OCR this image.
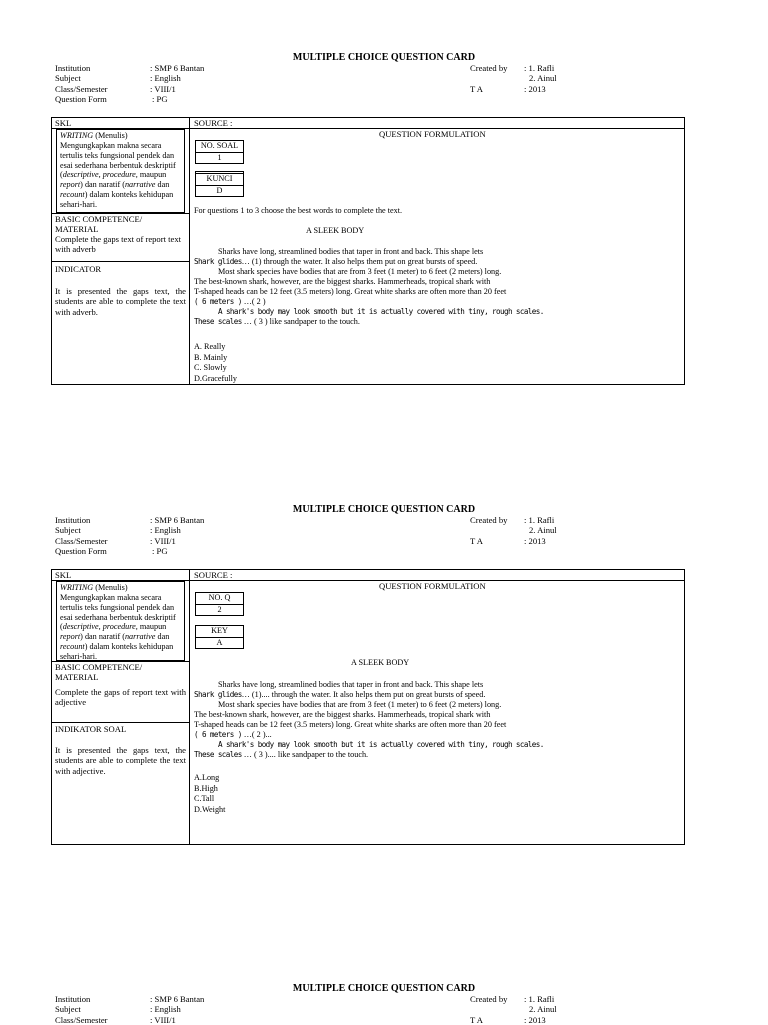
MULTIPLE CHOICE QUESTION CARD
Institution	: SMP 6 Bantan	Created by : 1. Rafli
Subject	: English	2. Ainul
Class/Semester	: VIII/1	T A	: 2013
Question Form	: PG
SKL	SOURCE :
QUESTION FORMULATION
WRITING (Menulis) Mengungkapkan makna secara tertulis teks fungsional pendek dan esai sederhana berbentuk deskriptif (descriptive, procedure, maupun report) dan naratif (narrative dan recount) dalam konteks kehidupan sehari-hari.
BASIC COMPETENCE/ MATERIAL
Complete the gaps text of report text with adverb
INDICATOR
It is presented the gaps text, the students are able to complete the text with adverb.
NO. SOAL
1
KUNCI
D
For questions 1 to 3 choose the best words to complete the text.
A SLEEK BODY
Sharks have long, streamlined bodies that taper in front and back. This shape lets
Shark glides… (1) through the water. It also helps them put on great bursts of speed.
Most shark species have bodies that are from 3 feet (1 meter) to 6 feet (2 meters) long.
The best-known shark, however, are the biggest sharks. Hammerheads, tropical shark with
T-shaped heads can be 12 feet (3.5 meters) long. Great white sharks are often more than 20 feet
( 6 meters ) …( 2 )
A shark's body may look smooth but it is actually covered with tiny, rough scales.
These scales … ( 3 ) like sandpaper to the touch.
A. Really
B. Mainly
C. Slowly
D.Gracefully
MULTIPLE CHOICE QUESTION CARD
Institution	: SMP 6 Bantan	Created by : 1. Rafli
Subject	: English	2. Ainul
Class/Semester	: VIII/1	T A	: 2013
Question Form	: PG
SKL	SOURCE :
QUESTION FORMULATION
WRITING (Menulis) Mengungkapkan makna secara tertulis teks fungsional pendek dan esai sederhana berbentuk deskriptif (descriptive, procedure, maupun report) dan naratif (narrative dan recount) dalam konteks kehidupan sehari-hari.
BASIC COMPETENCE/ MATERIAL
Complete the gaps of report text with adjective
INDIKATOR SOAL
It is presented the gaps text, the students are able to complete the text with adjective.
NO. Q
2
KEY
A
A SLEEK BODY
Sharks have long, streamlined bodies that taper in front and back. This shape lets
Shark glides… (1).... through the water. It also helps them put on great bursts of speed.
Most shark species have bodies that are from 3 feet (1 meter) to 6 feet (2 meters) long.
The best-known shark, however, are the biggest sharks. Hammerheads, tropical shark with
T-shaped heads can be 12 feet (3.5 meters) long. Great white sharks are often more than 20 feet
( 6 meters ) …( 2 )...
A shark's body may look smooth but it is actually covered with tiny, rough scales.
These scales … ( 3 ).... like sandpaper to the touch.
A.Long
B.High
C.Tall
D.Weight
MULTIPLE CHOICE QUESTION CARD
Institution	: SMP 6 Bantan	Created by : 1. Rafli
Subject	: English	2. Ainul
Class/Semester	: VIII/1	T A	: 2013
